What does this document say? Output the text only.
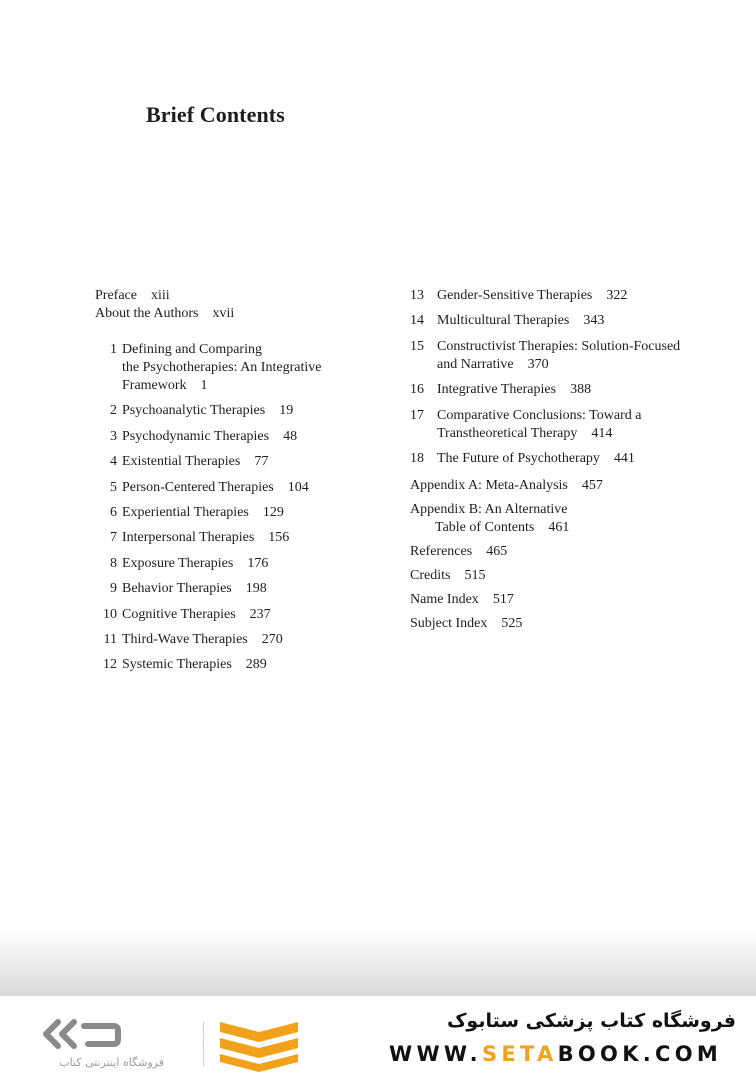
Brief Contents
Preface xiii
About the Authors xvii
1 Defining and Comparing
the Psychotherapies: An Integrative
Framework 1
2 Psychoanalytic Therapies 19
3 Psychodynamic Therapies 48
4 Existential Therapies 77
5 Person-Centered Therapies 104
6 Experiential Therapies 129
7 Interpersonal Therapies 156
8 Exposure Therapies 176
9 Behavior Therapies 198
10 Cognitive Therapies 237
11 Third-Wave Therapies 270
12 Systemic Therapies 289
13 Gender-Sensitive Therapies 322
14 Multicultural Therapies 343
15 Constructivist Therapies: Solution-Focused
and Narrative 370
16 Integrative Therapies 388
17 Comparative Conclusions: Toward a
Transtheoretical Therapy 414
18 The Future of Psychotherapy 441
Appendix A: Meta-Analysis 457
Appendix B: An Alternative
Table of Contents 461
References 465
Credits 515
Name Index 517
Subject Index 525
فروشگاه اینترنتی کتاب
فروشگاه کتاب پزشکی ستابوک
WWW.SETABOOK.COM
